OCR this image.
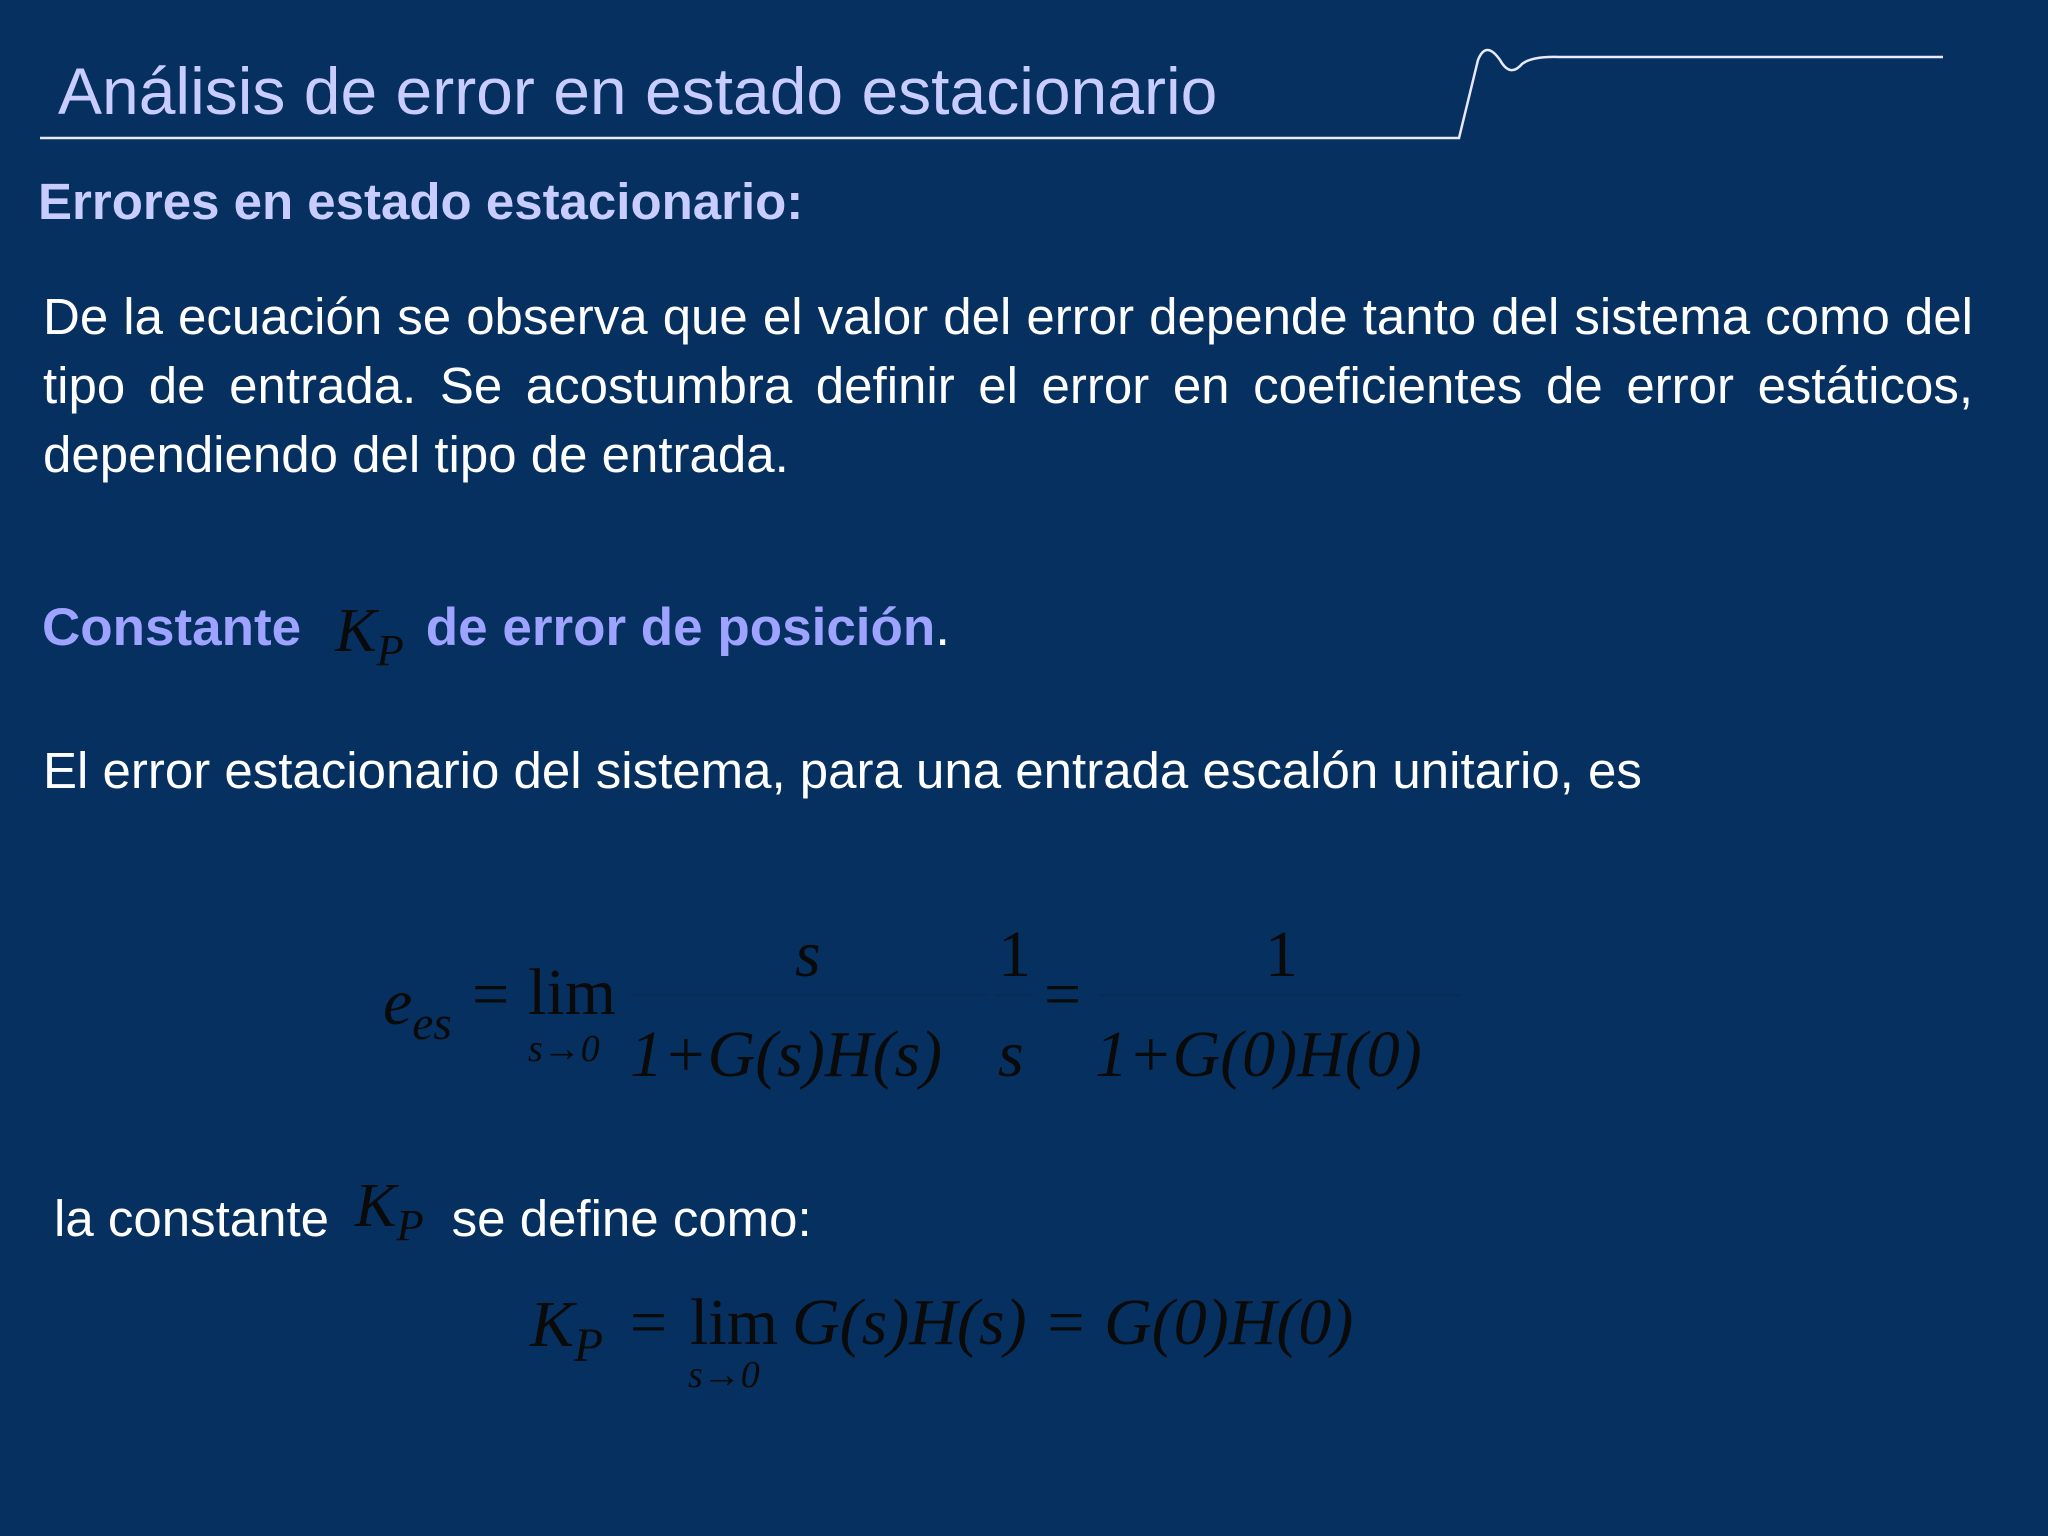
Análisis de error en estado estacionario
Errores en estado estacionario:
De la ecuación se observa que el valor del error depende tanto del sistema como del tipo de entrada. Se acostumbra definir el error en coeficientes de error estáticos, dependiendo del tipo de entrada.
Constante $K_P$ de error de posición.
El error estacionario del sistema, para una entrada escalón unitario, es
$e_{es} = \lim$
s→0
s
1+G(s)H(s)
1
s
=
1
1+G(0)H(0)
la constante $K_P$ se define como:
$K_P = \lim$
s→0
G(s)H(s) = G(0)H(0)
